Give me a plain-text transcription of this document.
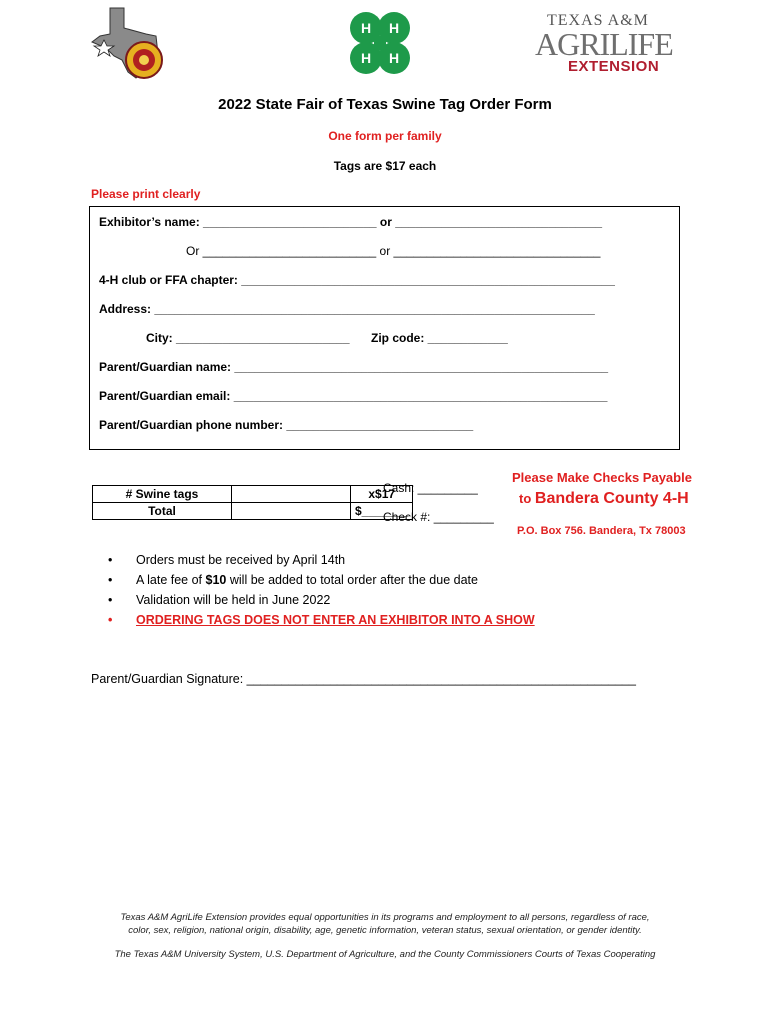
H H
H H
TEXAS A&M
AGRILIFE
EXTENSION
2022 State Fair of Texas Swine Tag Order Form
One form per family
Tags are $17 each
Please print clearly
Exhibitor’s name: __________________________ or _______________________________
Or __________________________ or _______________________________
4-H club or FFA chapter: ________________________________________________________
Address: __________________________________________________________________
City: __________________________ Zip code: ____________
Parent/Guardian name: ________________________________________________________
Parent/Guardian email: ________________________________________________________
Parent/Guardian phone number: ____________________________
# Swine tags		x$17
Total		$_______
Cash: _________
Check #: _________
Please Make Checks Payable
to Bandera County 4-H
P.O. Box 756. Bandera, Tx 78003
• Orders must be received by April 14th
• A late fee of $10 will be added to total order after the due date
• Validation will be held in June 2022
• ORDERING TAGS DOES NOT ENTER AN EXHIBITOR INTO A SHOW
Parent/Guardian Signature: ________________________________________________________
Texas A&M AgriLife Extension provides equal opportunities in its programs and employment to all persons, regardless of race,
color, sex, religion, national origin, disability, age, genetic information, veteran status, sexual orientation, or gender identity.
The Texas A&M University System, U.S. Department of Agriculture, and the County Commissioners Courts of Texas Cooperating
